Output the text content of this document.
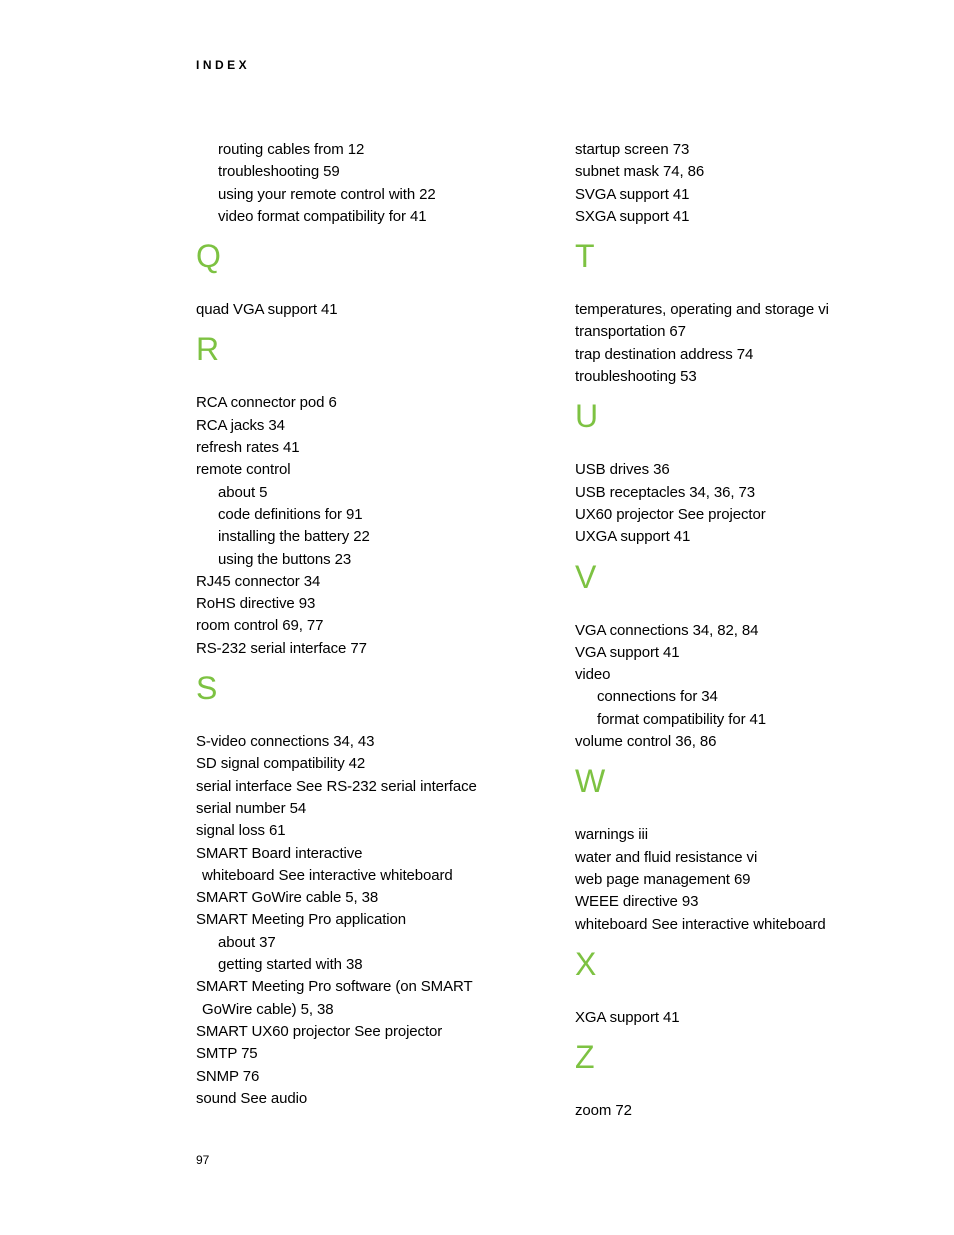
INDEX
routing cables from 12
troubleshooting 59
using your remote control with 22
video format compatibility for 41
Q
quad VGA support 41
R
RCA connector pod 6
RCA jacks 34
refresh rates 41
remote control
about 5
code definitions for 91
installing the battery 22
using the buttons 23
RJ45 connector 34
RoHS directive 93
room control 69, 77
RS-232 serial interface 77
S
S-video connections 34, 43
SD signal compatibility 42
serial interface See RS-232 serial interface
serial number 54
signal loss 61
SMART Board interactive
whiteboard See interactive whiteboard
SMART GoWire cable 5, 38
SMART Meeting Pro application
about 37
getting started with 38
SMART Meeting Pro software (on SMART
GoWire cable) 5, 38
SMART UX60 projector See projector
SMTP 75
SNMP 76
sound See audio
startup screen 73
subnet mask 74, 86
SVGA support 41
SXGA support 41
T
temperatures, operating and storage vi
transportation 67
trap destination address 74
troubleshooting 53
U
USB drives 36
USB receptacles 34, 36, 73
UX60 projector See projector
UXGA support 41
V
VGA connections 34, 82, 84
VGA support 41
video
connections for 34
format compatibility for 41
volume control 36, 86
W
warnings iii
water and fluid resistance vi
web page management 69
WEEE directive 93
whiteboard See interactive whiteboard
X
XGA support 41
Z
zoom 72
97
